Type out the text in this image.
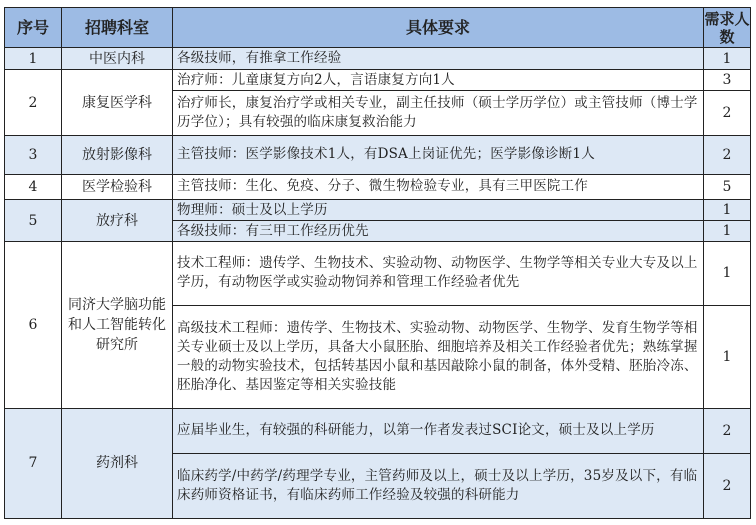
序号	招聘科室	具体要求	需求人数
1	中医内科	各级技师，有推拿工作经验	1
2	康复医学科	治疗师：儿童康复方向2人，言语康复方向1人	3
		治疗师长，康复治疗学或相关专业，副主任技师（硕士学历学位）或主管技师（博士学历学位）；具有较强的临床康复救治能力	2
3	放射影像科	主管技师：医学影像技术1人，有DSA上岗证优先；医学影像诊断1人	2
4	医学检验科	主管技师：生化、免疫、分子、微生物检验专业，具有三甲医院工作	5
5	放疗科	物理师：硕士及以上学历	1
		各级技师：有三甲工作经历优先	1
6	同济大学脑功能和人工智能转化研究所	技术工程师：遗传学、生物技术、实验动物、动物医学、生物学等相关专业大专及以上学历，有动物医学或实验动物饲养和管理工作经验者优先	1
		高级技术工程师：遗传学、生物技术、实验动物、动物医学、生物学、发育生物学等相关专业硕士及以上学历，具备大小鼠胚胎、细胞培养及相关工作经验者优先；熟练掌握一般的动物实验技术，包括转基因小鼠和基因敲除小鼠的制备，体外受精、胚胎冷冻、胚胎净化、基因鉴定等相关实验技能	1
7	药剂科	应届毕业生，有较强的科研能力，以第一作者发表过SCI论文，硕士及以上学历	2
		临床药学/中药学/药理学专业，主管药师及以上，硕士及以上学历，35岁及以下，有临床药师资格证书，有临床药师工作经验及较强的科研能力	2
